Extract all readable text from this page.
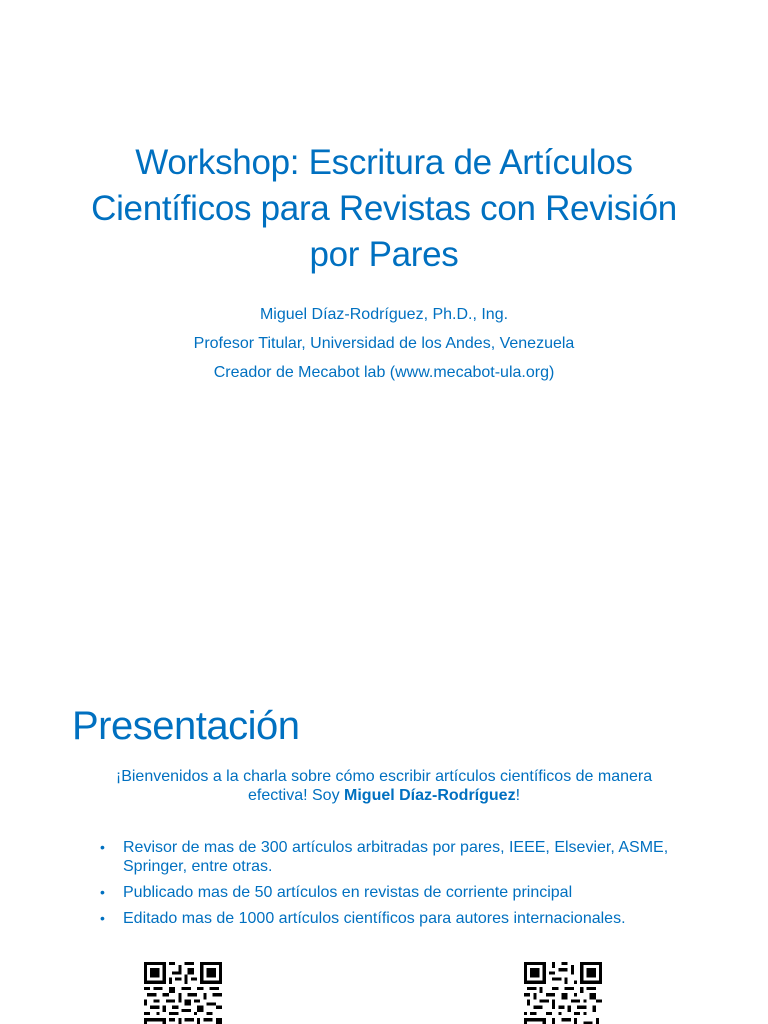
Workshop: Escritura de Artículos
Científicos para Revistas con Revisión
por Pares

Miguel Díaz-Rodríguez, Ph.D., Ing.

Profesor Titular, Universidad de los Andes, Venezuela

Creador de Mecabot lab (www.mecabot-ula.org)

Presentación

¡Bienvenidos a la charla sobre cómo escribir artículos científicos de manera efectiva! Soy Miguel Díaz-Rodríguez!

• Revisor de mas de 300 artículos arbitradas por pares, IEEE, Elsevier, ASME, Springer, entre otras.
• Publicado mas de 50 artículos en revistas de corriente principal
• Editado mas de 1000 artículos científicos para autores internacionales.
